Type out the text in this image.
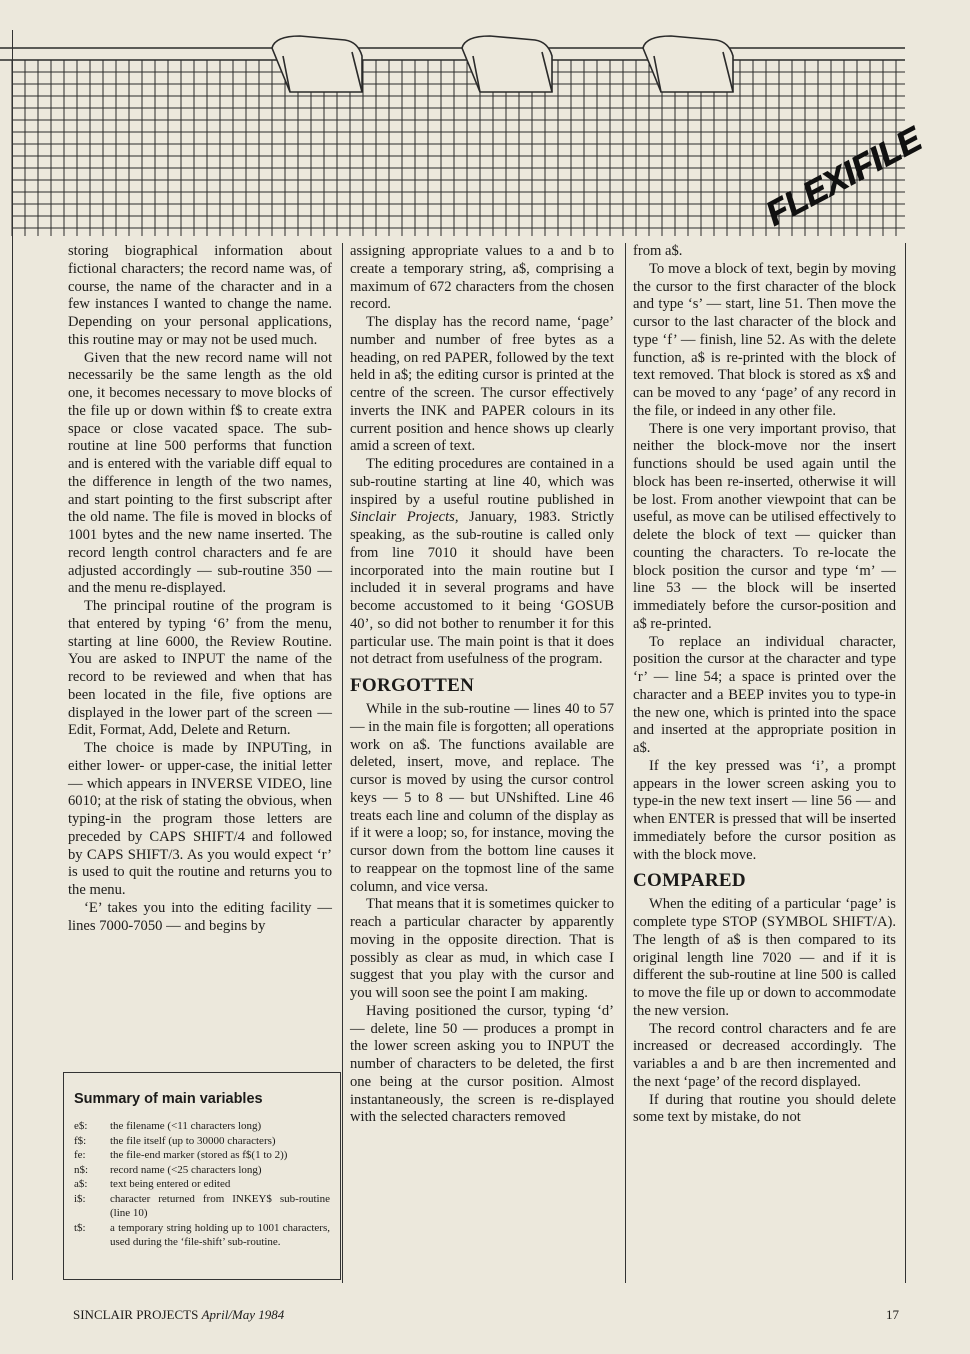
FLEXIFILE

storing biographical information about fictional characters; the record name was, of course, the name of the character and in a few instances I wanted to change the name. Depending on your personal applications, this routine may or may not be used much.

Given that the new record name will not necessarily be the same length as the old one, it becomes necessary to move blocks of the file up or down within f$ to create extra space or close vacated space. The sub-routine at line 500 performs that function and is entered with the variable diff equal to the difference in length of the two names, and start pointing to the first subscript after the old name. The file is moved in blocks of 1001 bytes and the new name inserted. The record length control characters and fe are adjusted accordingly — sub-routine 350 — and the menu re-displayed.

The principal routine of the program is that entered by typing ‘6’ from the menu, starting at line 6000, the Review Routine. You are asked to INPUT the name of the record to be reviewed and when that has been located in the file, five options are displayed in the lower part of the screen — Edit, Format, Add, Delete and Return.

The choice is made by INPUTing, in either lower- or upper-case, the initial letter — which appears in INVERSE VIDEO, line 6010; at the risk of stating the obvious, when typing-in the program those letters are preceded by CAPS SHIFT/4 and followed by CAPS SHIFT/3. As you would expect ‘r’ is used to quit the routine and returns you to the menu.

‘E’ takes you into the editing facility — lines 7000-7050 — and begins by

Summary of main variables
e$:	the filename (<11 characters long)
f$:	the file itself (up to 30000 characters)
fe:	the file-end marker (stored as f$(1 to 2))
n$:	record name (<25 characters long)
a$:	text being entered or edited
i$:	character returned from INKEY$ sub-routine (line 10)
t$:	a temporary string holding up to 1001 characters, used during the ‘file-shift’ sub-routine.

assigning appropriate values to a and b to create a temporary string, a$, comprising a maximum of 672 characters from the chosen record.

The display has the record name, ‘page’ number and number of free bytes as a heading, on red PAPER, followed by the text held in a$; the editing cursor is printed at the centre of the screen. The cursor effectively inverts the INK and PAPER colours in its current position and hence shows up clearly amid a screen of text.

The editing procedures are contained in a sub-routine starting at line 40, which was inspired by a useful routine published in Sinclair Projects, January, 1983. Strictly speaking, as the sub-routine is called only from line 7010 it should have been incorporated into the main routine but I included it in several programs and have become accustomed to it being ‘GOSUB 40’, so did not bother to renumber it for this particular use. The main point is that it does not detract from usefulness of the program.

FORGOTTEN

While in the sub-routine — lines 40 to 57 — in the main file is forgotten; all operations work on a$. The functions available are deleted, insert, move, and replace. The cursor is moved by using the cursor control keys — 5 to 8 — but UNshifted. Line 46 treats each line and column of the display as if it were a loop; so, for instance, moving the cursor down from the bottom line causes it to reappear on the topmost line of the same column, and vice versa.

That means that it is sometimes quicker to reach a particular character by apparently moving in the opposite direction. That is possibly as clear as mud, in which case I suggest that you play with the cursor and you will soon see the point I am making.

Having positioned the cursor, typing ‘d’ — delete, line 50 — produces a prompt in the lower screen asking you to INPUT the number of characters to be deleted, the first one being at the cursor position. Almost instantaneously, the screen is re-displayed with the selected characters removed

from a$.

To move a block of text, begin by moving the cursor to the first character of the block and type ‘s’ — start, line 51. Then move the cursor to the last character of the block and type ‘f’ — finish, line 52. As with the delete function, a$ is re-printed with the block of text removed. That block is stored as x$ and can be moved to any ‘page’ of any record in the file, or indeed in any other file.

There is one very important proviso, that neither the block-move nor the insert functions should be used again until the block has been re-inserted, otherwise it will be lost. From another viewpoint that can be useful, as move can be utilised effectively to delete the block of text — quicker than counting the characters. To re-locate the block position the cursor and type ‘m’ — line 53 — the block will be inserted immediately before the cursor-position and a$ re-printed.

To replace an individual character, position the cursor at the character and type ‘r’ — line 54; a space is printed over the character and a BEEP invites you to type-in the new one, which is printed into the space and inserted at the appropriate position in a$.

If the key pressed was ‘i’, a prompt appears in the lower screen asking you to type-in the new text insert — line 56 — and when ENTER is pressed that will be inserted immediately before the cursor position as with the block move.

COMPARED

When the editing of a particular ‘page’ is complete type STOP (SYMBOL SHIFT/A). The length of a$ is then compared to its original length line 7020 — and if it is different the sub-routine at line 500 is called to move the file up or down to accommodate the new version.

The record control characters and fe are increased or decreased accordingly. The variables a and b are then incremented and the next ‘page’ of the record displayed.

If during that routine you should delete some text by mistake, do not

SINCLAIR PROJECTS April/May 1984	17
